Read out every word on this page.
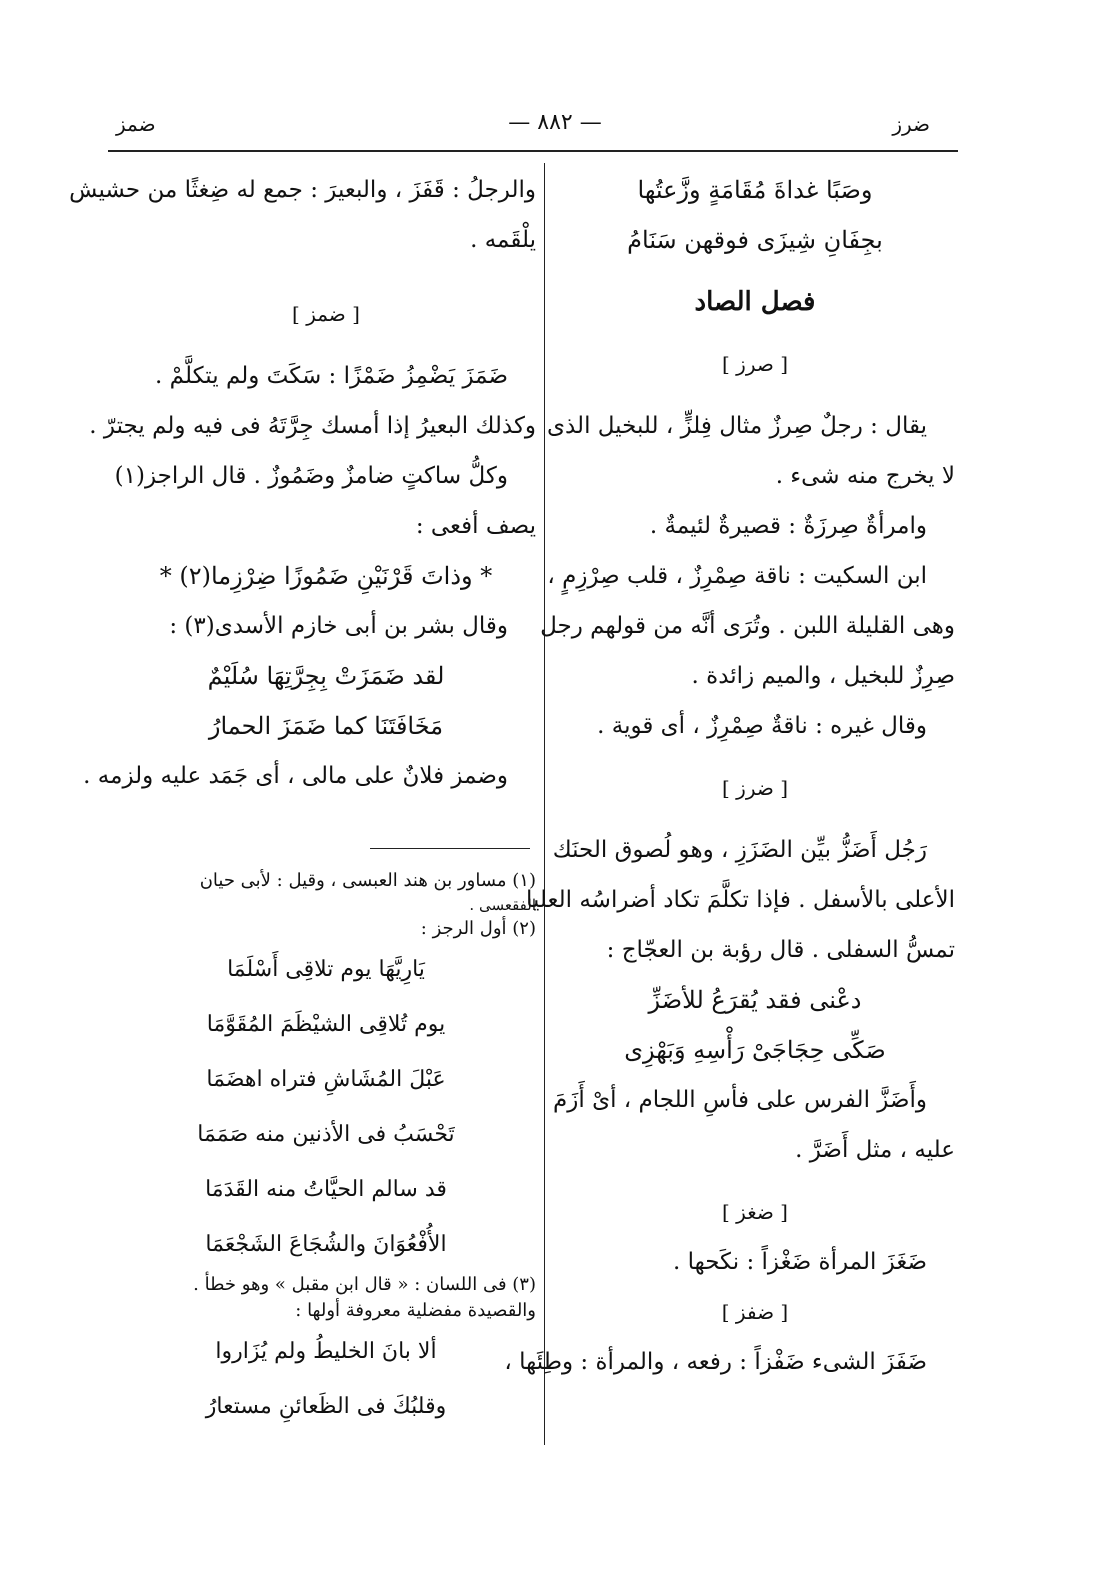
ضرز
— ٨٨٢ —
ضمز

وصَبًا غداةَ مُقَامَةٍ وزَّعتُها

بجِفَانِ شِيزَى فوقهن سَنَامُ

فصل الصاد

[ صرز ]

يقال : رجلٌ صِرزٌ مثال فِلزٍّ ، للبخيل الذى

لا يخرج منه شىء .

وامرأةٌ صِرزَةٌ : قصيرةٌ لئيمةٌ .

ابن السكيت : ناقة صِمْرِزٌ ، قلب صِرْزِمٍ ،

وهى القليلة اللبن . وتُرَى أنَّه من قولهم رجل

صِرِزٌ للبخيل ، والميم زائدة .

وقال غيره : ناقةٌ صِمْرِزٌ ، أى قوية .

[ ضرز ]

رَجُل أَضَزُّ بيِّن الضَزَزِ ، وهو لُصوق الحنَك

الأعلى بالأسفل . فإذا تكلَّمَ تكاد أضراسُه العليا

تمسُّ السفلى . قال رؤبة بن العجّاج :

دعْنى فقد يُقرَعُ للأضَزِّ

صَكِّى حِجَاجَىْ رَأْسِهِ وَبَهْزِى

وأَضَزَّ الفرس على فأسِ اللجام ، أىْ أَزَمَ

عليه ، مثل أَضَرَّ .

[ ضغز ]

ضَغَزَ المرأة ضَغْزاً : نكَحها .

[ ضفز ]

ضَفَزَ الشىء ضَفْزاً : رفعه ، والمرأة : وطِئَها ،

والرجلُ : قَفَزَ ، والبعيرَ : جمع له ضِغثًا من حشيش

يلْقَمه .

[ ضمز ]

ضَمَزَ يَضْمِزُ ضَمْزًا : سَكَتَ ولم يتكلَّمْ .

وكذلك البعيرُ إذا أمسك جِرَّتَهُ فى فيه ولم يجترّ .

وكلُّ ساكتٍ ضامزٌ وضَمُوزٌ . قال الراجز(١)

يصف أفعى :

* وذاتَ قَرْنَيْنِ ضَمُوزًا ضِرْزِما(٢) *

وقال بشر بن أبى خازم الأسدى(٣) :

لقد ضَمَزَتْ بِجِرَّتِهَا سُلَيْمٌ

مَخَافَتَنَا كما ضَمَزَ الحمارُ

وضمز فلانٌ على مالى ، أى جَمَد عليه ولزمه .

(١) مساور بن هند العبسى ، وقيل : لأبى حيان

الفقعسى .

(٢) أول الرجز :

يَارِيَّهَا يوم تلاقِى أَسْلَمَا

يوم تُلاقِى الشيْظَمَ المُقَوَّمَا

عَبْلَ المُشَاشِ فتراه اهضَمَا

تَحْسَبُ فى الأذنين منه صَمَمَا

قد سالم الحيَّاتُ منه القَدَمَا

الأُفْعُوَانَ والشُجَاعَ الشَجْعَمَا

(٣) فى اللسان : « قال ابن مقبل » وهو خطأ .

والقصيدة مفضلية معروفة أولها :

ألا بانَ الخليطُ ولم يُزَاروا

وقلبُكَ فى الظَعائنِ مستعارُ
